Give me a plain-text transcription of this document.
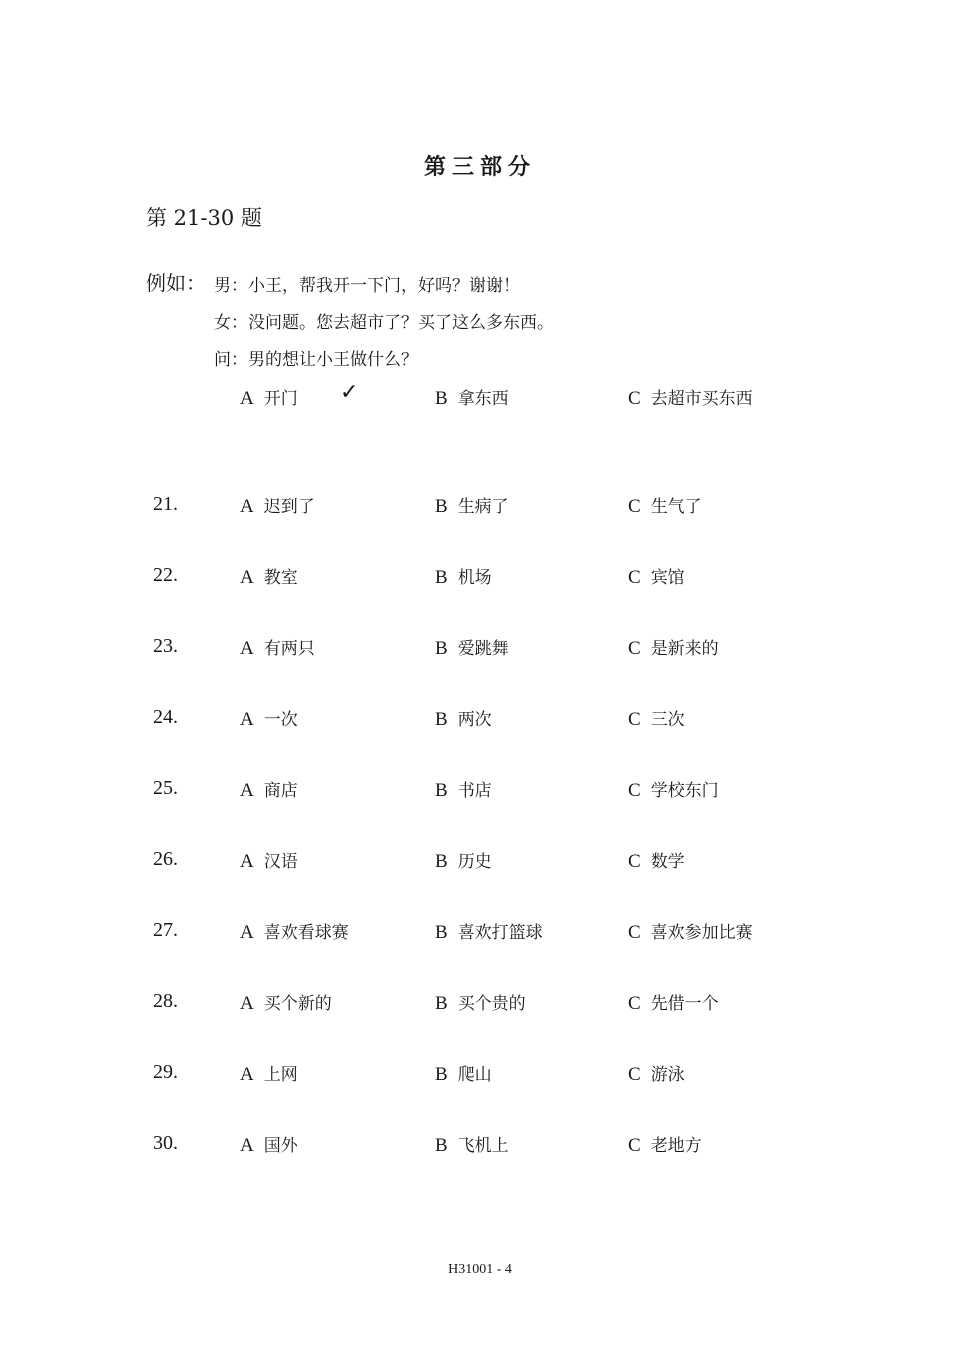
第三部分
第 21-30 题
例如： 男：小王，帮我开一下门，好吗？谢谢！
女：没问题。您去超市了？买了这么多东西。
问：男的想让小王做什么？
A 开门 ✓	B 拿东西	C 去超市买东西
21.	A 迟到了	B 生病了	C 生气了
22.	A 教室	B 机场	C 宾馆
23.	A 有两只	B 爱跳舞	C 是新来的
24.	A 一次	B 两次	C 三次
25.	A 商店	B 书店	C 学校东门
26.	A 汉语	B 历史	C 数学
27.	A 喜欢看球赛	B 喜欢打篮球	C 喜欢参加比赛
28.	A 买个新的	B 买个贵的	C 先借一个
29.	A 上网	B 爬山	C 游泳
30.	A 国外	B 飞机上	C 老地方
H31001 - 4
